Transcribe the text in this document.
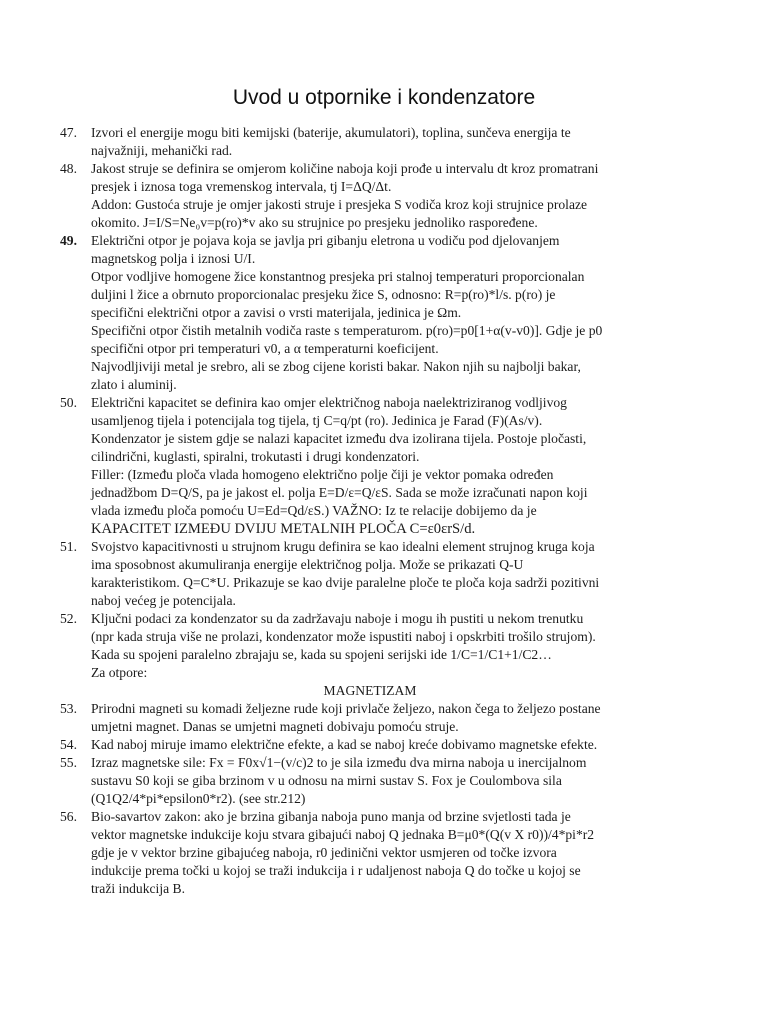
Uvod u otpornike i kondenzatore
47.	Izvori el energije mogu biti kemijski (baterije, akumulatori), toplina, sunčeva energija te
najvažniji, mehanički rad.
48.	Jakost struje se definira se omjerom količine naboja koji prođe u intervalu dt kroz promatrani
presjek i iznosa toga vremenskog intervala, tj I=ΔQ/Δt.
Addon: Gustoća struje je omjer jakosti struje i presjeka S vodiča kroz koji strujnice prolaze
okomito. J=I/S=Ne₀v=p(ro)*v ako su strujnice po presjeku jednoliko raspoređene.
49.	Električni otpor je pojava koja se javlja pri gibanju eletrona u vodiču pod djelovanjem
magnetskog polja i iznosi U/I.
Otpor vodljive homogene žice konstantnog presjeka pri stalnoj temperaturi proporcionalan
duljini l žice a obrnuto proporcionalac presjeku žice S, odnosno: R=p(ro)*l/s. p(ro) je
specifični električni otpor a zavisi o vrsti materijala, jedinica je Ωm.
Specifični otpor čistih metalnih vodiča raste s temperaturom. p(ro)=p0[1+α(v-v0)]. Gdje je p0
specifični otpor pri temperaturi v0, a α temperaturni koeficijent.
Najvodljiviji metal je srebro, ali se zbog cijene koristi bakar. Nakon njih su najbolji bakar,
zlato i aluminij.
50.	Električni kapacitet se definira kao omjer električnog naboja naelektriziranog vodljivog
usamljenog tijela i potencijala tog tijela, tj C=q/pt (ro). Jedinica je Farad (F)(As/v).
Kondenzator je sistem gdje se nalazi kapacitet između dva izolirana tijela. Postoje pločasti,
cilindrični, kuglasti, spiralni, trokutasti i drugi kondenzatori.
Filler: (Između ploča vlada homogeno električno polje čiji je vektor pomaka određen
jednadžbom D=Q/S, pa je jakost el. polja E=D/ε=Q/εS. Sada se može izračunati napon koji
vlada između ploča pomoću U=Ed=Qd/εS.) VAŽNO: Iz te relacije dobijemo da je
KAPACITET IZMEĐU DVIJU METALNIH PLOČA C=ε0εrS/d.
51.	Svojstvo kapacitivnosti u strujnom krugu definira se kao idealni element strujnog kruga koja
ima sposobnost akumuliranja energije električnog polja. Može se prikazati Q-U
karakteristikom. Q=C*U. Prikazuje se kao dvije paralelne ploče te ploča koja sadrži pozitivni
naboj većeg je potencijala.
52.	Ključni podaci za kondenzator su da zadržavaju naboje i mogu ih pustiti u nekom trenutku
(npr kada struja više ne prolazi, kondenzator može ispustiti naboj i opskrbiti trošilo strujom).
Kada su spojeni paralelno zbrajaju se, kada su spojeni serijski ide 1/C=1/C1+1/C2…
Za otpore:
MAGNETIZAM
53.	Prirodni magneti su komadi željezne rude koji privlače željezo, nakon čega to željezo postane
umjetni magnet. Danas se umjetni magneti dobivaju pomoću struje.
54.	Kad naboj miruje imamo električne efekte, a kad se naboj kreće dobivamo magnetske efekte.
55.	Izraz magnetske sile: Fx = F0x√1−(v/c)2 to je sila između dva mirna naboja u inercijalnom
sustavu S0 koji se giba brzinom v u odnosu na mirni sustav S. Fox je Coulombova sila
(Q1Q2/4*pi*epsilon0*r2). (see str.212)
56.	Bio-savartov zakon: ako je brzina gibanja naboja puno manja od brzine svjetlosti tada je
vektor magnetske indukcije koju stvara gibajući naboj Q jednaka B=μ0*(Q(v X r0))/4*pi*r2
gdje je v vektor brzine gibajućeg naboja, r0 jedinični vektor usmjeren od točke izvora
indukcije prema točki u kojoj se traži indukcija i r udaljenost naboja Q do točke u kojoj se
traži indukcija B.
